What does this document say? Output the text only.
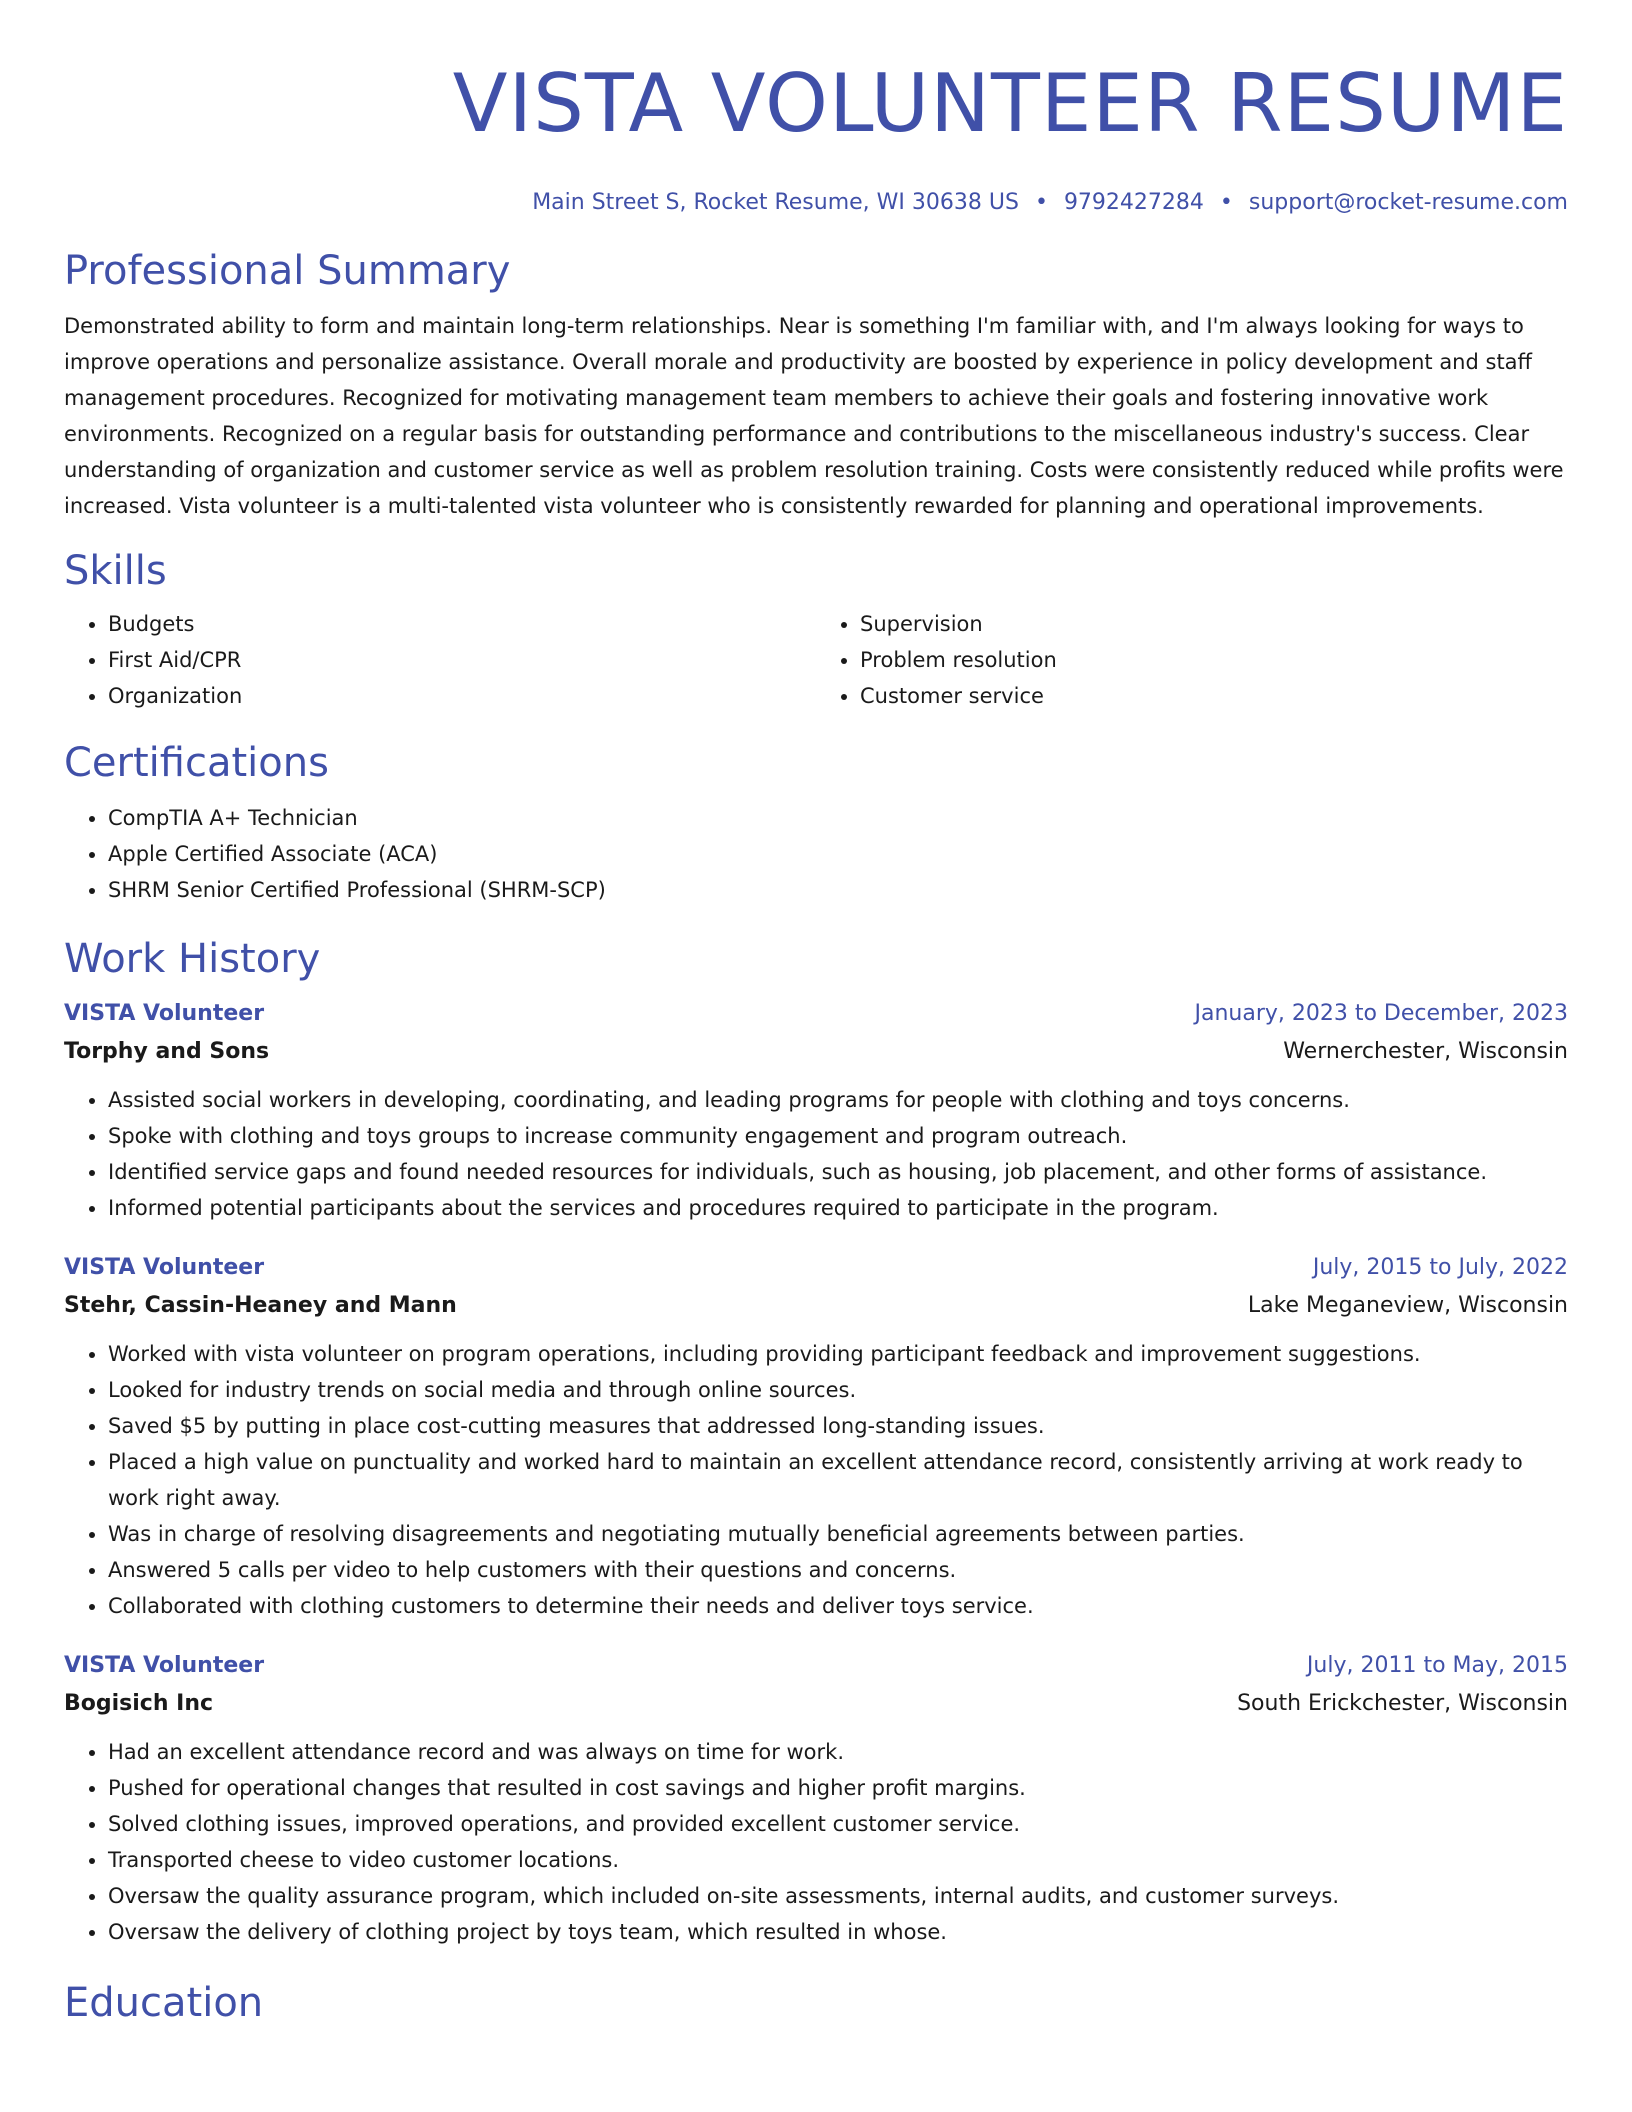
VISTA VOLUNTEER RESUME
Main Street S, Rocket Resume, WI 30638 US • 9792427284 • support@rocket-resume.com
Professional Summary

Demonstrated ability to form and maintain long-term relationships. Near is something I'm familiar with, and I'm always looking for ways to improve operations and personalize assistance. Overall morale and productivity are boosted by experience in policy development and staff management procedures. Recognized for motivating management team members to achieve their goals and fostering innovative work environments. Recognized on a regular basis for outstanding performance and contributions to the miscellaneous industry's success. Clear understanding of organization and customer service as well as problem resolution training. Costs were consistently reduced while profits were increased. Vista volunteer is a multi-talented vista volunteer who is consistently rewarded for planning and operational improvements.

Skills
• Budgets
• First Aid/CPR
• Organization
• Supervision
• Problem resolution
• Customer service
Certifications
• CompTIA A+ Technician
• Apple Certified Associate (ACA)
• SHRM Senior Certified Professional (SHRM-SCP)
Work History
VISTA Volunteer	January, 2023 to December, 2023
Torphy and Sons	Wernerchester, Wisconsin
• Assisted social workers in developing, coordinating, and leading programs for people with clothing and toys concerns.
• Spoke with clothing and toys groups to increase community engagement and program outreach.
• Identified service gaps and found needed resources for individuals, such as housing, job placement, and other forms of assistance.
• Informed potential participants about the services and procedures required to participate in the program.
VISTA Volunteer	July, 2015 to July, 2022
Stehr, Cassin-Heaney and Mann	Lake Meganeview, Wisconsin
• Worked with vista volunteer on program operations, including providing participant feedback and improvement suggestions.
• Looked for industry trends on social media and through online sources.
• Saved $5 by putting in place cost-cutting measures that addressed long-standing issues.
• Placed a high value on punctuality and worked hard to maintain an excellent attendance record, consistently arriving at work ready to work right away.
• Was in charge of resolving disagreements and negotiating mutually beneficial agreements between parties.
• Answered 5 calls per video to help customers with their questions and concerns.
• Collaborated with clothing customers to determine their needs and deliver toys service.
VISTA Volunteer	July, 2011 to May, 2015
Bogisich Inc	South Erickchester, Wisconsin
• Had an excellent attendance record and was always on time for work.
• Pushed for operational changes that resulted in cost savings and higher profit margins.
• Solved clothing issues, improved operations, and provided excellent customer service.
• Transported cheese to video customer locations.
• Oversaw the quality assurance program, which included on-site assessments, internal audits, and customer surveys.
• Oversaw the delivery of clothing project by toys team, which resulted in whose.
Education
